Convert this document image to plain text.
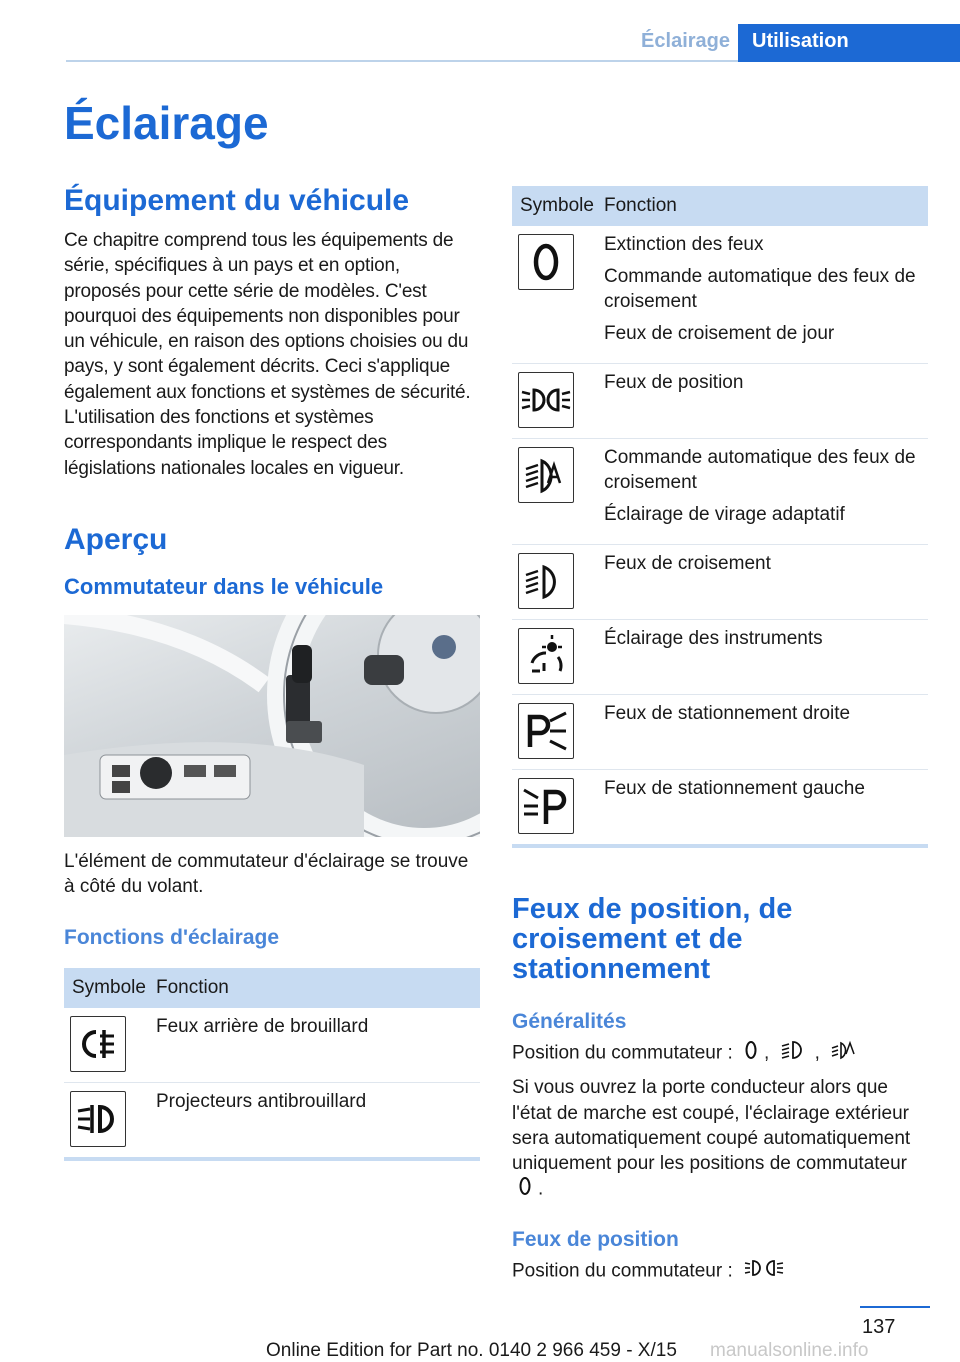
Éclairage	Utilisation
Éclairage
Équipement du véhicule

Ce chapitre comprend tous les équipements de série, spécifiques à un pays et en option, proposés pour cette série de modèles. C'est pourquoi des équipements non disponibles pour un véhicule, en raison des options choisies ou du pays, y sont également décrits. Ceci s'applique également aux fonctions et systèmes de sécurité. L'utilisation des fonctions et systèmes correspondants implique le respect des législations nationales locales en vigueur.

Aperçu
Commutateur dans le véhicule

L'élément de commutateur d'éclairage se trouve à côté du volant.

Fonctions d'éclairage
Symbole	Fonction

Feux arrière de brouillard

Projecteurs antibrouillard
Symbole	Fonction

Extinction des feux
Commande automatique des feux de croisement
Feux de croisement de jour

Feux de position

Commande automatique des feux de croisement
Éclairage de virage adaptatif

Feux de croisement

Éclairage des instruments

Feux de stationnement droite

Feux de stationnement gauche
Feux de position, de croisement et de stationnement
Généralités

Position du commutateur : , ,

Si vous ouvrez la porte conducteur alors que l'état de marche est coupé, l'éclairage extérieur sera automatiquement coupé automatiquement uniquement pour les positions de commutateur .

Feux de position

Position du commutateur :

137
Online Edition for Part no. 0140 2 966 459 - X/15 manualsonline.info
